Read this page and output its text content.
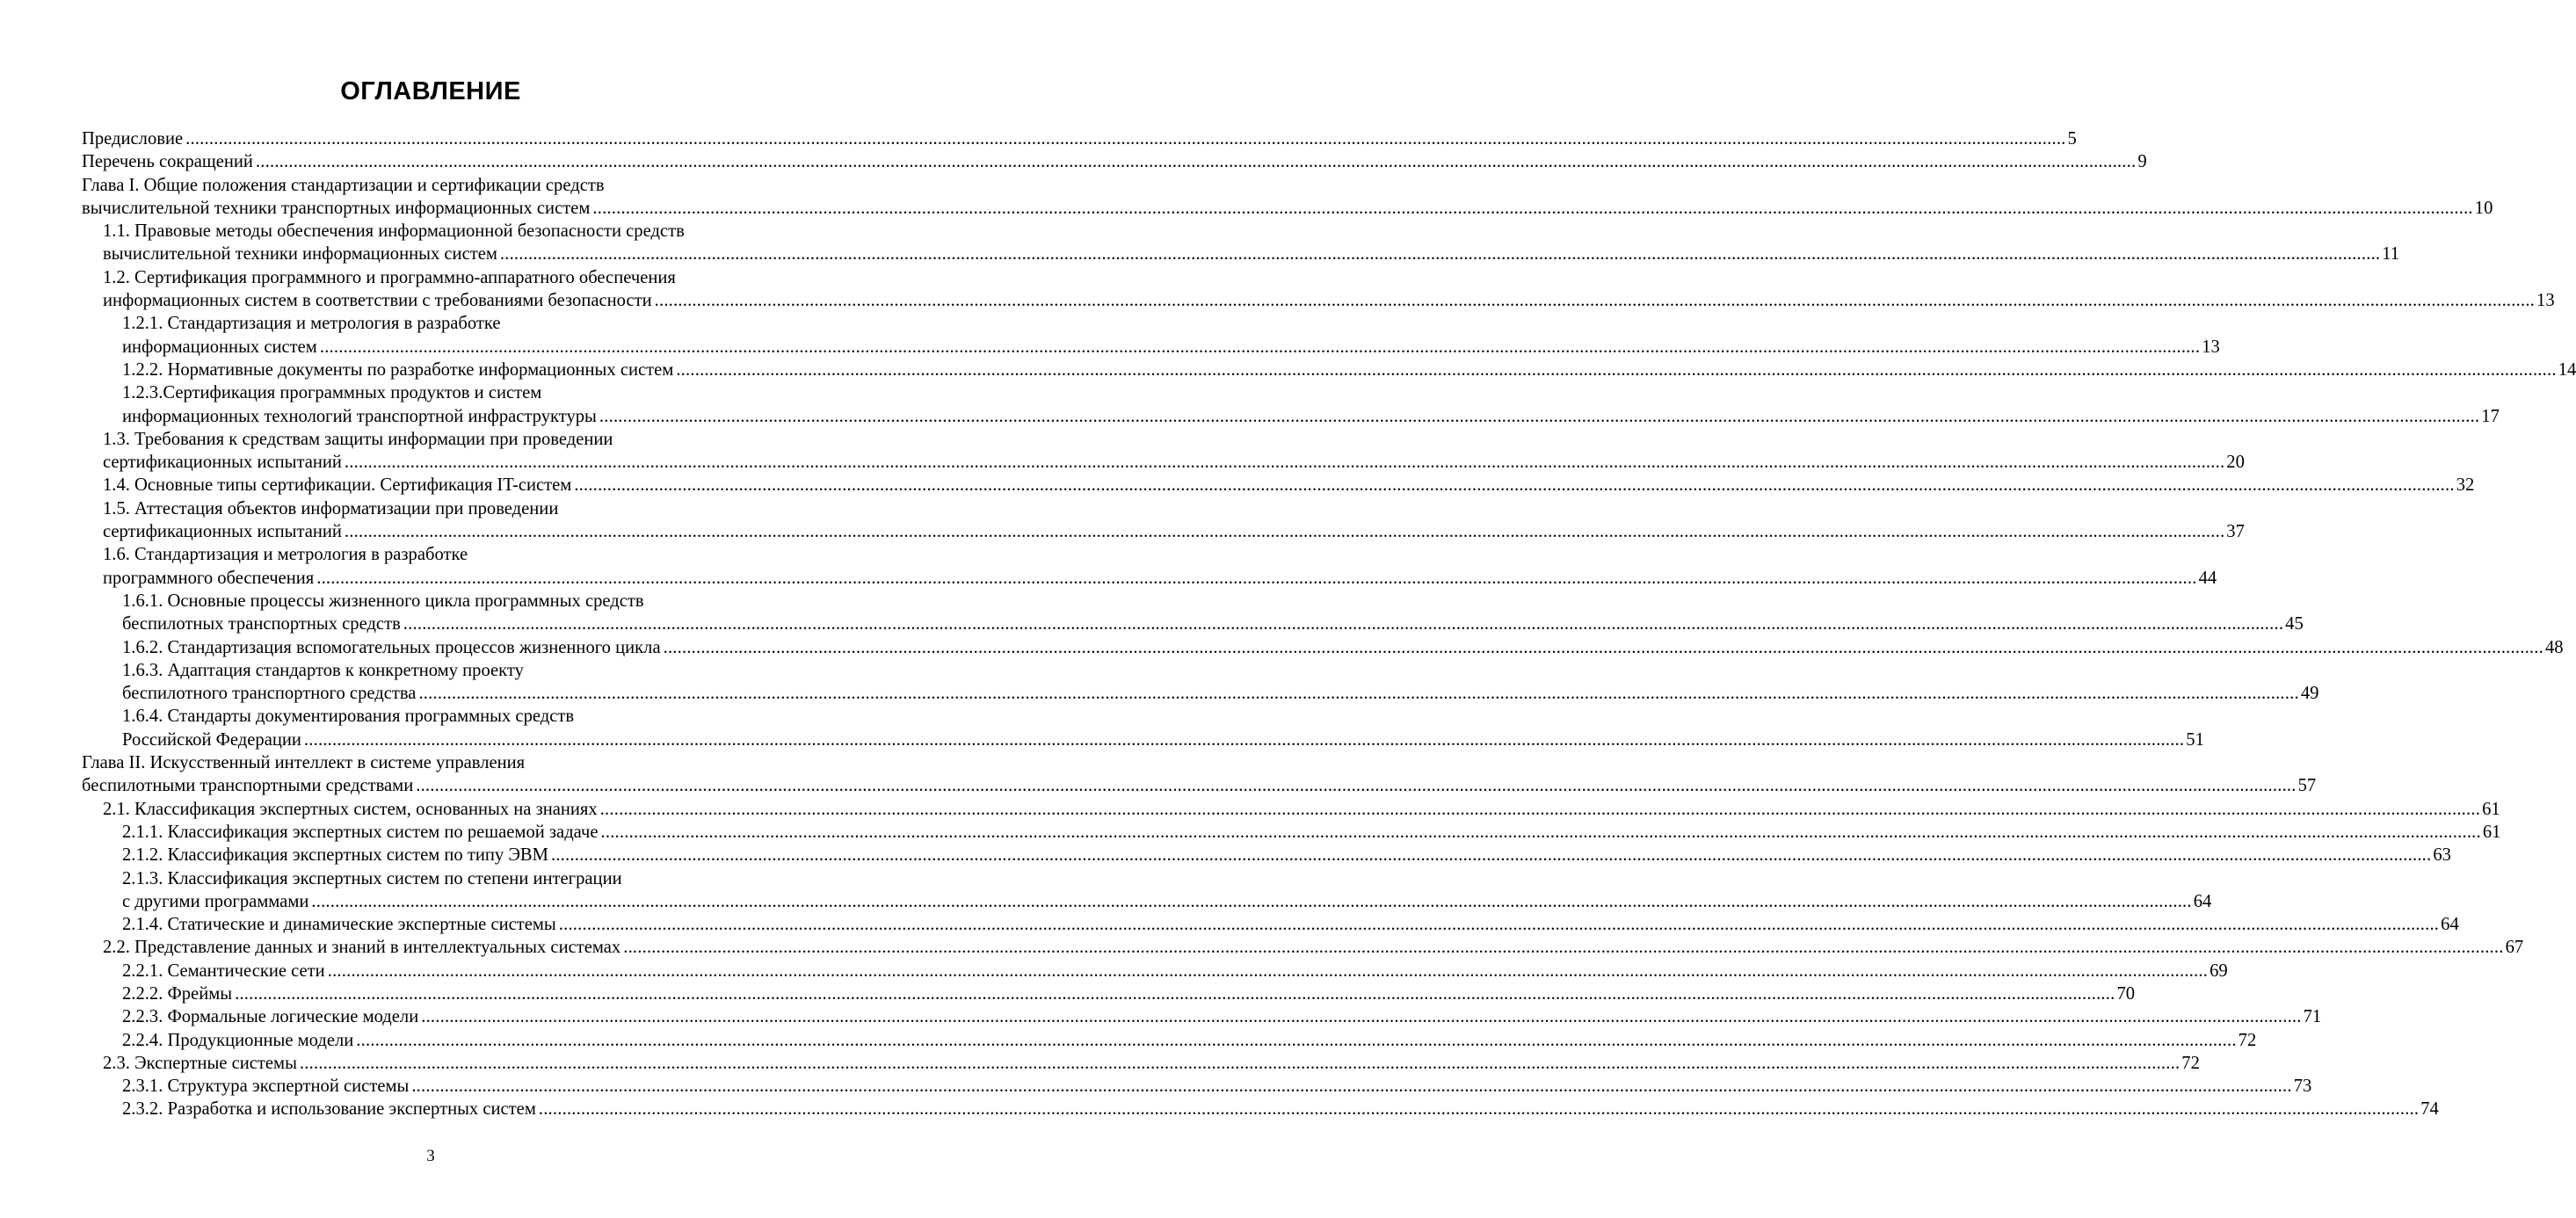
ОГЛАВЛЕНИЕ
Предисловие ................................................................................................................................................................................................................................................................................................................................................................................................................ 5
Перечень сокращений ................................................................................................................................................................................................................................................................................................................................................................................................................ 9
Глава I. Общие положения стандартизации и сертификации средств
вычислительной техники транспортных информационных систем ................................................................................................................................................................................................................................................................................................................................................................................................................ 10
1.1. Правовые методы обеспечения информационной безопасности средств
вычислительной техники информационных систем ................................................................................................................................................................................................................................................................................................................................................................................................................ 11
1.2. Сертификация программного и программно-аппаратного обеспечения
информационных систем в соответствии с требованиями безопасности ................................................................................................................................................................................................................................................................................................................................................................................................................ 13
1.2.1. Стандартизация и метрология в разработке
информационных систем ................................................................................................................................................................................................................................................................................................................................................................................................................ 13
1.2.2. Нормативные документы по разработке информационных систем ................................................................................................................................................................................................................................................................................................................................................................................................................ 14
1.2.3.Сертификация программных продуктов и систем
информационных технологий транспортной инфраструктуры ................................................................................................................................................................................................................................................................................................................................................................................................................ 17
1.3. Требования к средствам защиты информации при проведении
сертификационных испытаний ................................................................................................................................................................................................................................................................................................................................................................................................................ 20
1.4. Основные типы сертификации. Сертификация IT-систем ................................................................................................................................................................................................................................................................................................................................................................................................................ 32
1.5. Аттестация объектов информатизации при проведении
сертификационных испытаний ................................................................................................................................................................................................................................................................................................................................................................................................................ 37
1.6. Стандартизация и метрология в разработке
программного обеспечения ................................................................................................................................................................................................................................................................................................................................................................................................................ 44
1.6.1. Основные процессы жизненного цикла программных средств
беспилотных транспортных средств ................................................................................................................................................................................................................................................................................................................................................................................................................ 45
1.6.2. Стандартизация вспомогательных процессов жизненного цикла ................................................................................................................................................................................................................................................................................................................................................................................................................ 48
1.6.3. Адаптация стандартов к конкретному проекту
беспилотного транспортного средства ................................................................................................................................................................................................................................................................................................................................................................................................................ 49
1.6.4. Стандарты документирования программных средств
Российской Федерации ................................................................................................................................................................................................................................................................................................................................................................................................................ 51
Глава II. Искусственный интеллект в системе управления
беспилотными транспортными средствами ................................................................................................................................................................................................................................................................................................................................................................................................................ 57
2.1. Классификация экспертных систем, основанных на знаниях ................................................................................................................................................................................................................................................................................................................................................................................................................ 61
2.1.1. Классификация экспертных систем по решаемой задаче ................................................................................................................................................................................................................................................................................................................................................................................................................ 61
2.1.2. Классификация экспертных систем по типу ЭВМ ................................................................................................................................................................................................................................................................................................................................................................................................................ 63
2.1.3. Классификация экспертных систем по степени интеграции
с другими программами ................................................................................................................................................................................................................................................................................................................................................................................................................ 64
2.1.4. Статические и динамические экспертные системы ................................................................................................................................................................................................................................................................................................................................................................................................................ 64
2.2. Представление данных и знаний в интеллектуальных системах ................................................................................................................................................................................................................................................................................................................................................................................................................ 67
2.2.1. Семантические сети ................................................................................................................................................................................................................................................................................................................................................................................................................ 69
2.2.2. Фреймы ................................................................................................................................................................................................................................................................................................................................................................................................................ 70
2.2.3. Формальные логические модели ................................................................................................................................................................................................................................................................................................................................................................................................................ 71
2.2.4. Продукционные модели ................................................................................................................................................................................................................................................................................................................................................................................................................ 72
2.3. Экспертные системы ................................................................................................................................................................................................................................................................................................................................................................................................................ 72
2.3.1. Структура экспертной системы ................................................................................................................................................................................................................................................................................................................................................................................................................ 73
2.3.2. Разработка и использование экспертных систем ................................................................................................................................................................................................................................................................................................................................................................................................................ 74
3
